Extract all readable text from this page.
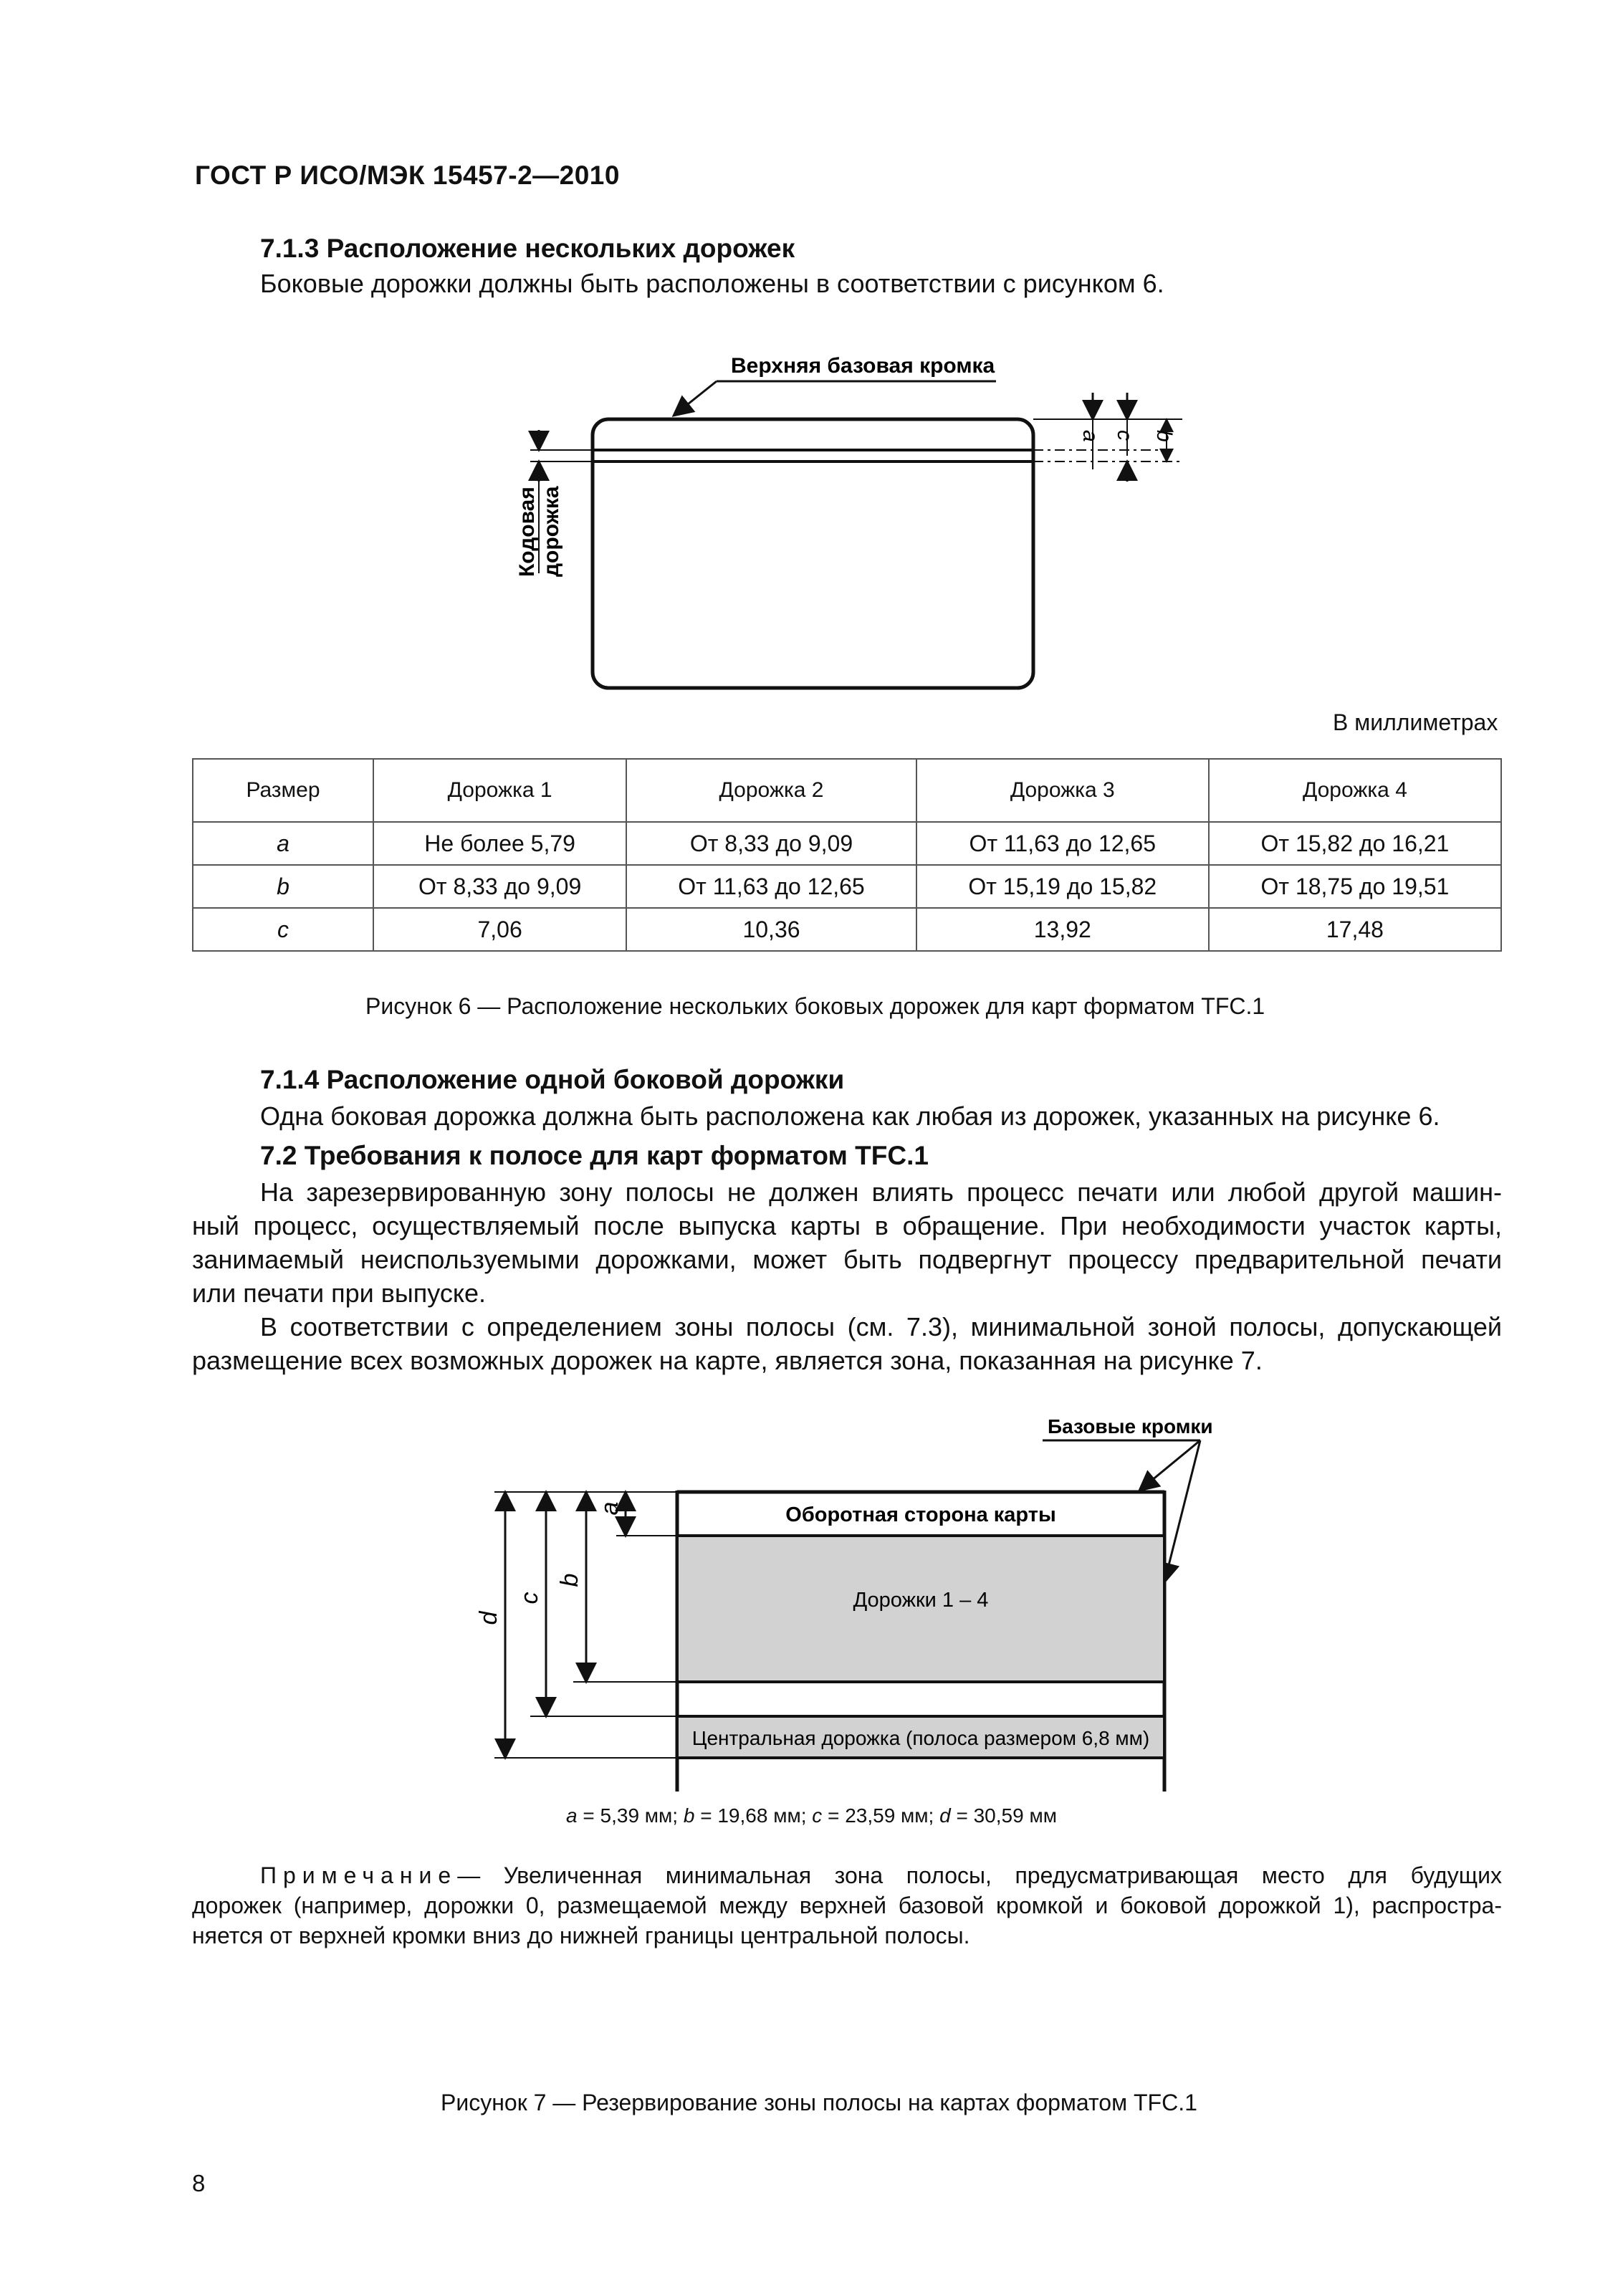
ГОСТ Р ИСО/МЭК 15457-2—2010
7.1.3 Расположение нескольких дорожек
Боковые дорожки должны быть расположены в соответствии с рисунком 6.
Верхняя базовая кромка
Кодовая дорожка
a c b
В миллиметрах
Размер	Дорожка 1	Дорожка 2	Дорожка 3	Дорожка 4
a	Не более 5,79	От 8,33 до 9,09	От 11,63 до 12,65	От 15,82 до 16,21
b	От 8,33 до 9,09	От 11,63 до 12,65	От 15,19 до 15,82	От 18,75 до 19,51
c	7,06	10,36	13,92	17,48
Рисунок 6 — Расположение нескольких боковых дорожек для карт форматом TFC.1
7.1.4 Расположение одной боковой дорожки
Одна боковая дорожка должна быть расположена как любая из дорожек, указанных на рисунке 6.
7.2 Требования к полосе для карт форматом TFC.1
На зарезервированную зону полосы не должен влиять процесс печати или любой другой машин-
ный процесс, осуществляемый после выпуска карты в обращение. При необходимости участок карты,
занимаемый неиспользуемыми дорожками, может быть подвергнут процессу предварительной печати
или печати при выпуске.
В соответствии с определением зоны полосы (см. 7.3), минимальной зоной полосы, допускающей
размещение всех возможных дорожек на карте, является зона, показанная на рисунке 7.
Базовые кромки
Оборотная сторона карты
Дорожки 1 – 4
Центральная дорожка (полоса размером 6,8 мм)
a
b
c
d
a = 5,39 мм; b = 19,68 мм; c = 23,59 мм; d = 30,59 мм
Примечание— Увеличенная минимальная зона полосы, предусматривающая место для будущих
дорожек (например, дорожки 0, размещаемой между верхней базовой кромкой и боковой дорожкой 1), распростра-
няется от верхней кромки вниз до нижней границы центральной полосы.
Рисунок 7 — Резервирование зоны полосы на картах форматом TFC.1
8
